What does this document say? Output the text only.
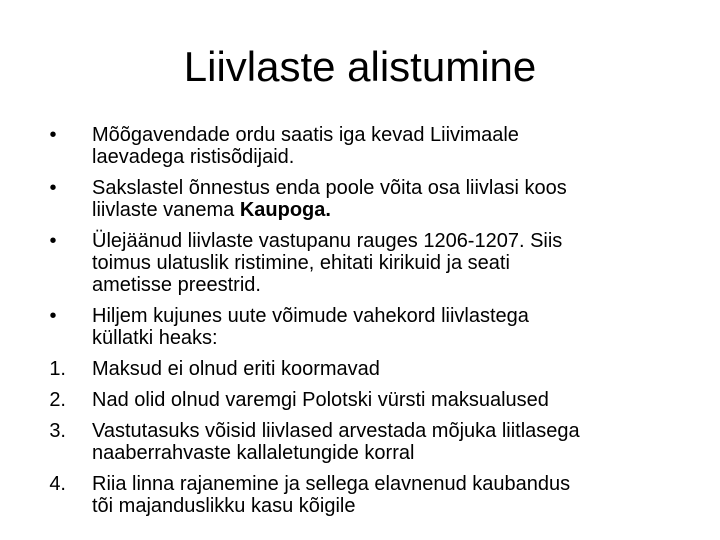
Liivlaste alistumine
•	Mõõgavendade ordu saatis iga kevad Liivimaale
laevadega ristisõdijaid.
•	Sakslastel õnnestus enda poole võita osa liivlasi koos
liivlaste vanema Kaupoga.
•	Ülejäänud liivlaste vastupanu rauges 1206-1207. Siis
toimus ulatuslik ristimine, ehitati kirikuid ja seati
ametisse preestrid.
•	Hiljem kujunes uute võimude vahekord liivlastega
küllatki heaks:
1. Maksud ei olnud eriti koormavad
2. Nad olid olnud varemgi Polotski vürsti maksualused
3. Vastutasuks võisid liivlased arvestada mõjuka liitlasega
naaberrahvaste kallaletungide korral
4. Riia linna rajanemine ja sellega elavnenud kaubandus
tõi majanduslikku kasu kõigile
